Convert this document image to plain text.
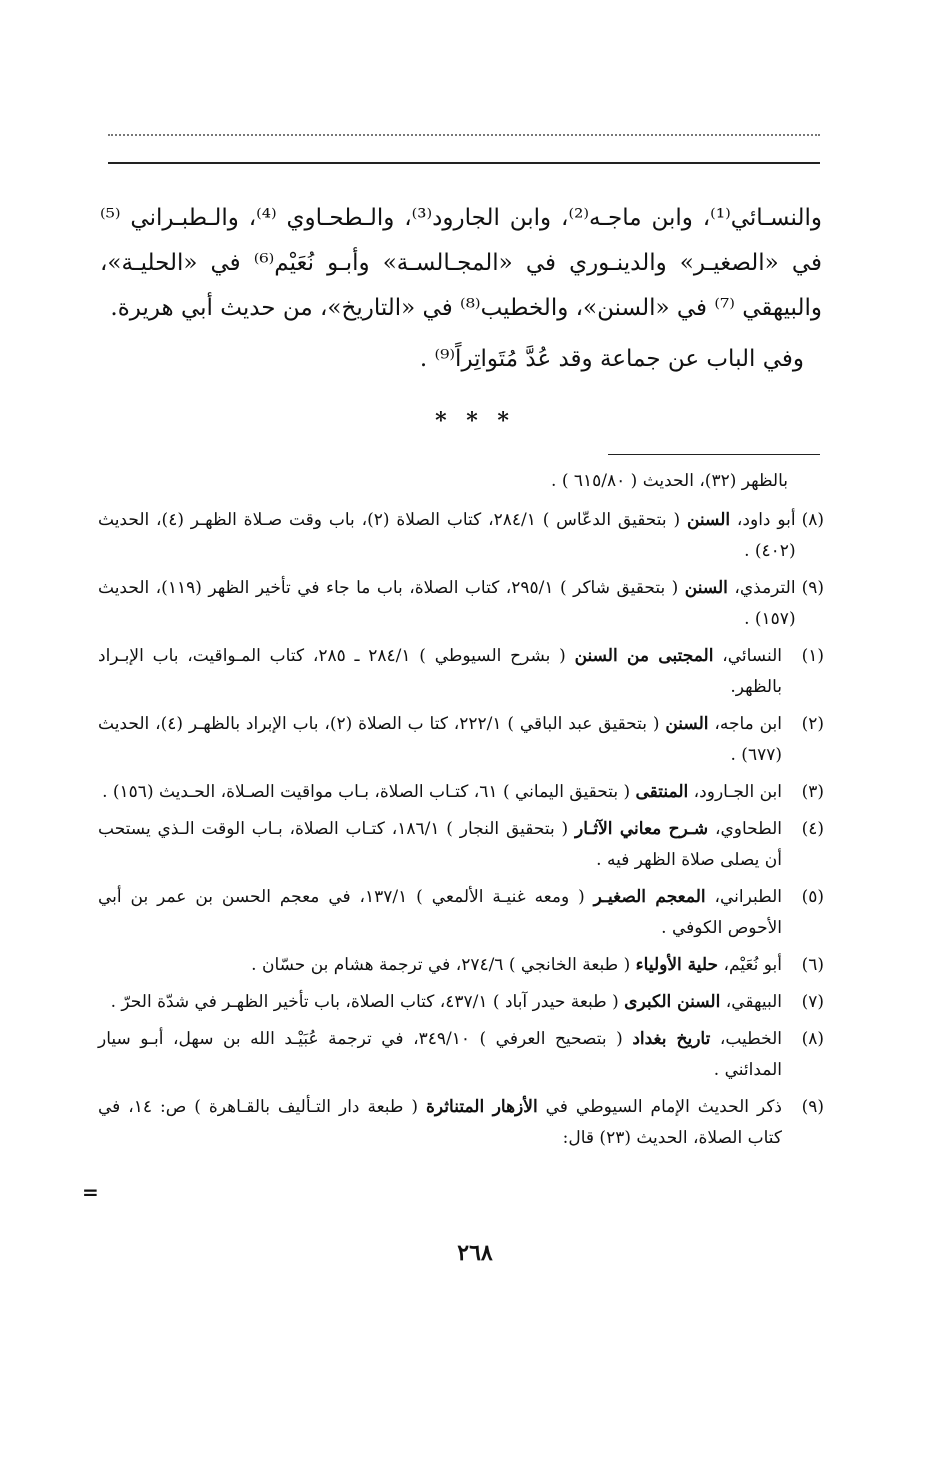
والنسـائي⁽¹⁾، وابن ماجـه⁽²⁾، وابن الجارود⁽³⁾، والـطحـاوي ⁽⁴⁾، والـطبـراني ⁽⁵⁾ في «الصغيـر» والدينـوري في «المجـالسـة» وأبـو نُعَيْم⁽⁶⁾ في «الحليـة»، والبيهقي ⁽⁷⁾ في «السنن»، والخطيب⁽⁸⁾ في «التاريخ»، من حديث أبي هريرة.

وفي الباب عن جماعة وقد عُدَّ مُتَواتِراً⁽⁹⁾ .

* * *
بالظهر (٣٢)، الحديث ( ٦١٥/٨٠ ) .
(٨)
أبو داود، السنن ( بتحقيق الدعّاس ) ٢٨٤/١، كتاب الصلاة (٢)، باب وقت صـلاة الظهـر (٤)، الحديث (٤٠٢) .
(٩)
الترمذي، السنن ( بتحقيق شاكر ) ٢٩٥/١، كتاب الصلاة، باب ما جاء في تأخير الظهر (١١٩)، الحديث (١٥٧) .
(١)
النسائي، المجتبى من السنن ( بشرح السيوطي ) ٢٨٤/١ ـ ٢٨٥، كتاب المـواقيت، باب الإبـراد بالظهر.
(٢)
ابن ماجه، السنن ( بتحقيق عبد الباقي ) ٢٢٢/١، كتا ب الصلاة (٢)، باب الإبراد بالظهـر (٤)، الحديث (٦٧٧) .
(٣)
ابن الجـارود، المنتقى ( بتحقيق اليماني ) ٦١، كتـاب الصلاة، بـاب مواقيت الصـلاة، الحـديث (١٥٦) .
(٤)
الطحاوي، شـرح معاني الآثـار ( بتحقيق النجار ) ١٨٦/١، كتـاب الصلاة، بـاب الوقت الـذي يستحب أن يصلى صلاة الظهر فيه .
(٥)
الطبراني، المعجم الصغيـر ( ومعه غنيـة الألمعي ) ١٣٧/١، في معجم الحسن بن عمر بن أبي الأحوص الكوفي .
(٦)
أبو نُعَيْم، حلية الأولياء ( طبعة الخانجي ) ٢٧٤/٦، في ترجمة هشام بن حسّان .
(٧)
البيهقي، السنن الكبرى ( طبعة حيدر آباد ) ٤٣٧/١، كتاب الصلاة، باب تأخير الظهـر في شدّة الحرّ .
(٨)
الخطيب، تاريخ بغداد ( بتصحيح العرفي ) ٣٤٩/١٠، في ترجمة عُبَيْـد الله بن سهل، أبـو سيار المدائني .
(٩)
ذكر الحديث الإمام السيوطي في الأزهار المتناثرة ( طبعة دار التـأليف بالقـاهرة ) ص: ١٤، في كتاب الصلاة، الحديث (٢٣) قال:
=
٢٦٨
